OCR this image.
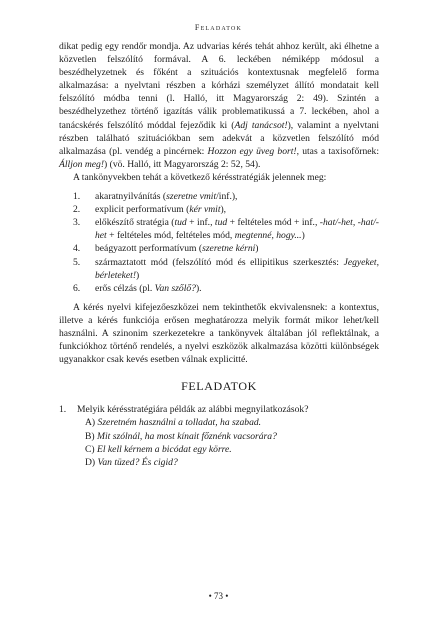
Feladatok

dikat pedig egy rendőr mondja. Az udvarias kérés tehát ahhoz került, aki élhetne a közvetlen felszólító formával. A 6. leckében némiképp módosul a beszédhelyzetnek és főként a szituációs kontextusnak megfelelő forma alkalmazása: a nyelvtani részben a kórházi személyzet állító mondatait kell felszólító módba tenni (l. Halló, itt Magyarország 2: 49). Szintén a beszédhelyzethez történő igazítás válik problematikussá a 7. leckében, ahol a tanácskérés felszólító móddal fejeződik ki (Adj tanácsot!), valamint a nyelvtani részben található szituációkban sem adekvát a közvetlen felszólító mód alkalmazása (pl. vendég a pincérnek: Hozzon egy üveg bort!, utas a taxisofőrnek: Álljon meg!) (vö. Halló, itt Magyarország 2: 52, 54).

A tankönyvekben tehát a következő kérésstratégiák jelennek meg:

1.	akaratnyilvánítás (szeretne vmit/inf.),
2.	explicit performatívum (kér vmit),
3.	előkészítő stratégia (tud + inf., tud + feltételes mód + inf., -hat/-het, -hat/-het + feltételes mód, feltételes mód, megtenné, hogy...)
4.	beágyazott performatívum (szeretne kérni)
5.	származtatott mód (felszólító mód és ellipitikus szerkesztés: Jegyeket, bérleteket!)
6.	erős célzás (pl. Van szőlő?).

A kérés nyelvi kifejezőeszközei nem tekinthetők ekvivalensnek: a kontextus, illetve a kérés funkciója erősen meghatározza melyik formát mikor lehet/kell használni. A szinonim szerkezetekre a tankönyvek általában jól reflektálnak, a funkciókhoz történő rendelés, a nyelvi eszközök alkalmazása közötti különbségek ugyanakkor csak kevés esetben válnak explicitté.

FELADATOK
1.	Melyik kérésstratégiára példák az alábbi megnyilatkozások?
A) Szeretném használni a tolladat, ha szabad.
B) Mit szólnál, ha most kínait főznénk vacsorára?
C) El kell kérnem a bicódat egy körre.
D) Van tüzed? És cigid?
• 73 •
